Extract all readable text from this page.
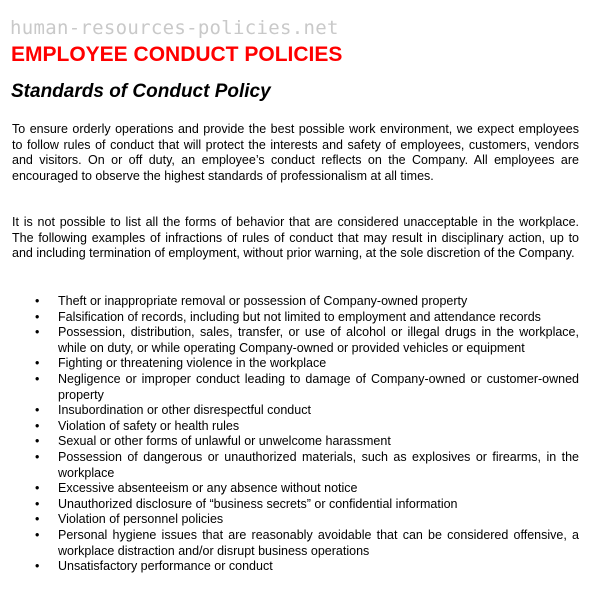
human-resources-policies.net
EMPLOYEE CONDUCT POLICIES
Standards of Conduct Policy

To ensure orderly operations and provide the best possible work environment, we expect employees to follow rules of conduct that will protect the interests and safety of employees, customers, vendors and visitors. On or off duty, an employee’s conduct reflects on the Company. All employees are encouraged to observe the highest standards of professionalism at all times.

It is not possible to list all the forms of behavior that are considered unacceptable in the workplace. The following examples of infractions of rules of conduct that may result in disciplinary action, up to and including termination of employment, without prior warning, at the sole discretion of the Company.

• Theft or inappropriate removal or possession of Company-owned property
• Falsification of records, including but not limited to employment and attendance records
• Possession, distribution, sales, transfer, or use of alcohol or illegal drugs in the workplace, while on duty, or while operating Company-owned or provided vehicles or equipment
• Fighting or threatening violence in the workplace
• Negligence or improper conduct leading to damage of Company-owned or customer-owned property
• Insubordination or other disrespectful conduct
• Violation of safety or health rules
• Sexual or other forms of unlawful or unwelcome harassment
• Possession of dangerous or unauthorized materials, such as explosives or firearms, in the workplace
• Excessive absenteeism or any absence without notice
• Unauthorized disclosure of “business secrets” or confidential information
• Violation of personnel policies
• Personal hygiene issues that are reasonably avoidable that can be considered offensive, a workplace distraction and/or disrupt business operations
• Unsatisfactory performance or conduct
